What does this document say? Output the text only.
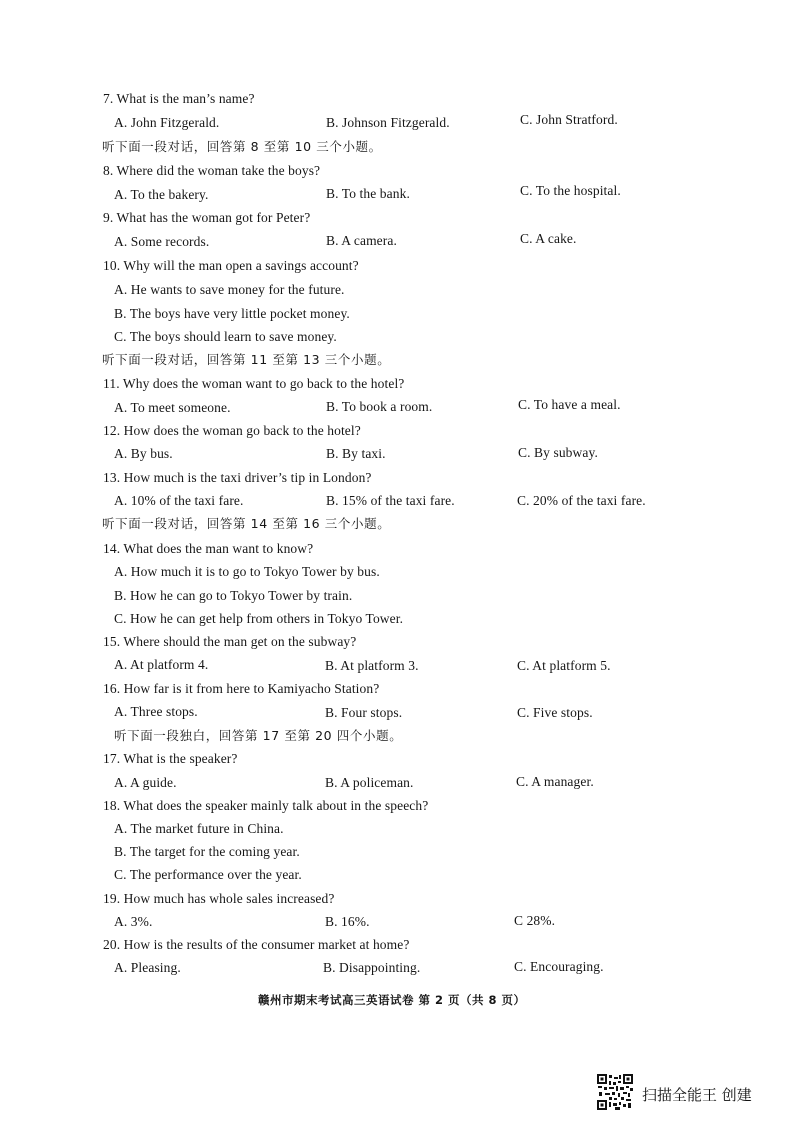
7. What is the man’s name?
A. John Fitzgerald.	B. Johnson Fitzgerald.	C. John Stratford.
听下面一段对话，回答第 8 至第 10 三个小题。
8. Where did the woman take the boys?
A. To the bakery.	B. To the bank.	C. To the hospital.
9. What has the woman got for Peter?
A. Some records.	B. A camera.	C. A cake.
10. Why will the man open a savings account?
A. He wants to save money for the future.
B. The boys have very little pocket money.
C. The boys should learn to save money.
听下面一段对话，回答第 11 至第 13 三个小题。
11. Why does the woman want to go back to the hotel?
A. To meet someone.	B. To book a room.	C. To have a meal.
12. How does the woman go back to the hotel?
A. By bus.	B. By taxi.	C. By subway.
13. How much is the taxi driver’s tip in London?
A. 10% of the taxi fare.	B. 15% of the taxi fare.	C. 20% of the taxi fare.
听下面一段对话，回答第 14 至第 16 三个小题。
14. What does the man want to know?
A. How much it is to go to Tokyo Tower by bus.
B. How he can go to Tokyo Tower by train.
C. How he can get help from others in Tokyo Tower.
15. Where should the man get on the subway?
A. At platform 4.	B. At platform 3.	C. At platform 5.
16. How far is it from here to Kamiyacho Station?
A. Three stops.	B. Four stops.	C. Five stops.
听下面一段独白，回答第 17 至第 20 四个小题。
17. What is the speaker?
A. A guide.	B. A policeman.	C. A manager.
18. What does the speaker mainly talk about in the speech?
A. The market future in China.
B. The target for the coming year.
C. The performance over the year.
19. How much has whole sales increased?
A. 3%.	B. 16%.	C 28%.
20. How is the results of the consumer market at home?
A. Pleasing.	B. Disappointing.	C. Encouraging.
赣州市期末考试高三英语试卷 第 2 页（共 8 页）
扫描全能王 创建
